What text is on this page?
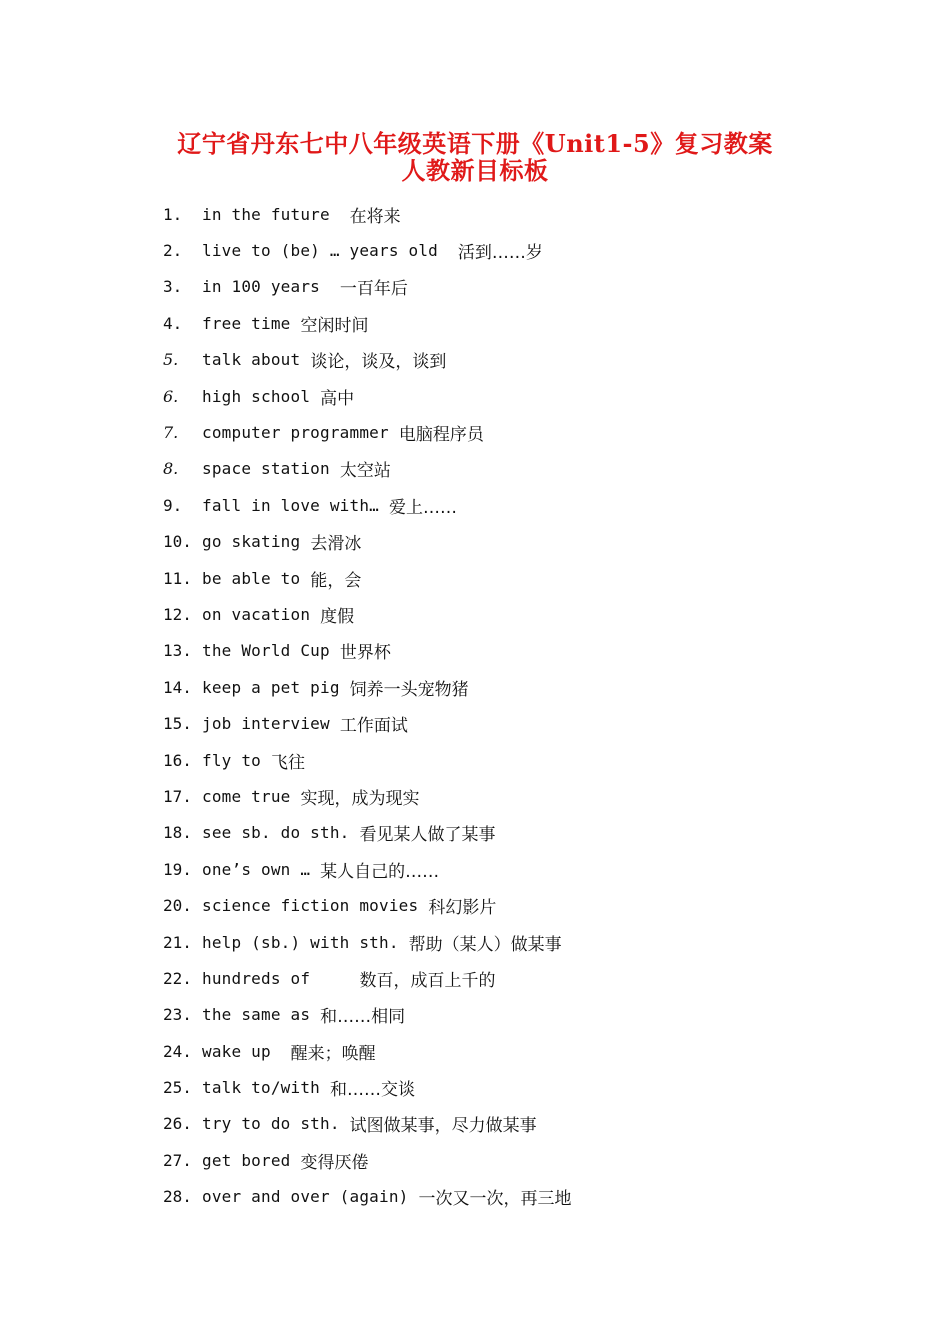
辽宁省丹东七中八年级英语下册《Unit1-5》复习教案
人教新目标板
1.	in the future 在将来
2.	live to (be) … years old 活到……岁
3.	in 100 years 一百年后
4.	free time 空闲时间
5.	talk about 谈论，谈及，谈到
6.	high school 高中
7.	computer programmer 电脑程序员
8.	space station 太空站
9.	fall in love with… 爱上……
10. go skating 去滑冰
11. be able to 能，会
12. on vacation 度假
13. the World Cup 世界杯
14. keep a pet pig 饲养一头宠物猪
15. job interview 工作面试
16. fly to 飞往
17. come true 实现，成为现实
18. see sb. do sth. 看见某人做了某事
19. one’s own … 某人自己的……
20. science fiction movies 科幻影片
21. help (sb.) with sth. 帮助（某人）做某事
22. hundreds of 数百，成百上千的
23. the same as 和……相同
24. wake up 醒来；唤醒
25. talk to/with 和……交谈
26. try to do sth. 试图做某事，尽力做某事
27. get bored 变得厌倦
28. over and over (again) 一次又一次，再三地
